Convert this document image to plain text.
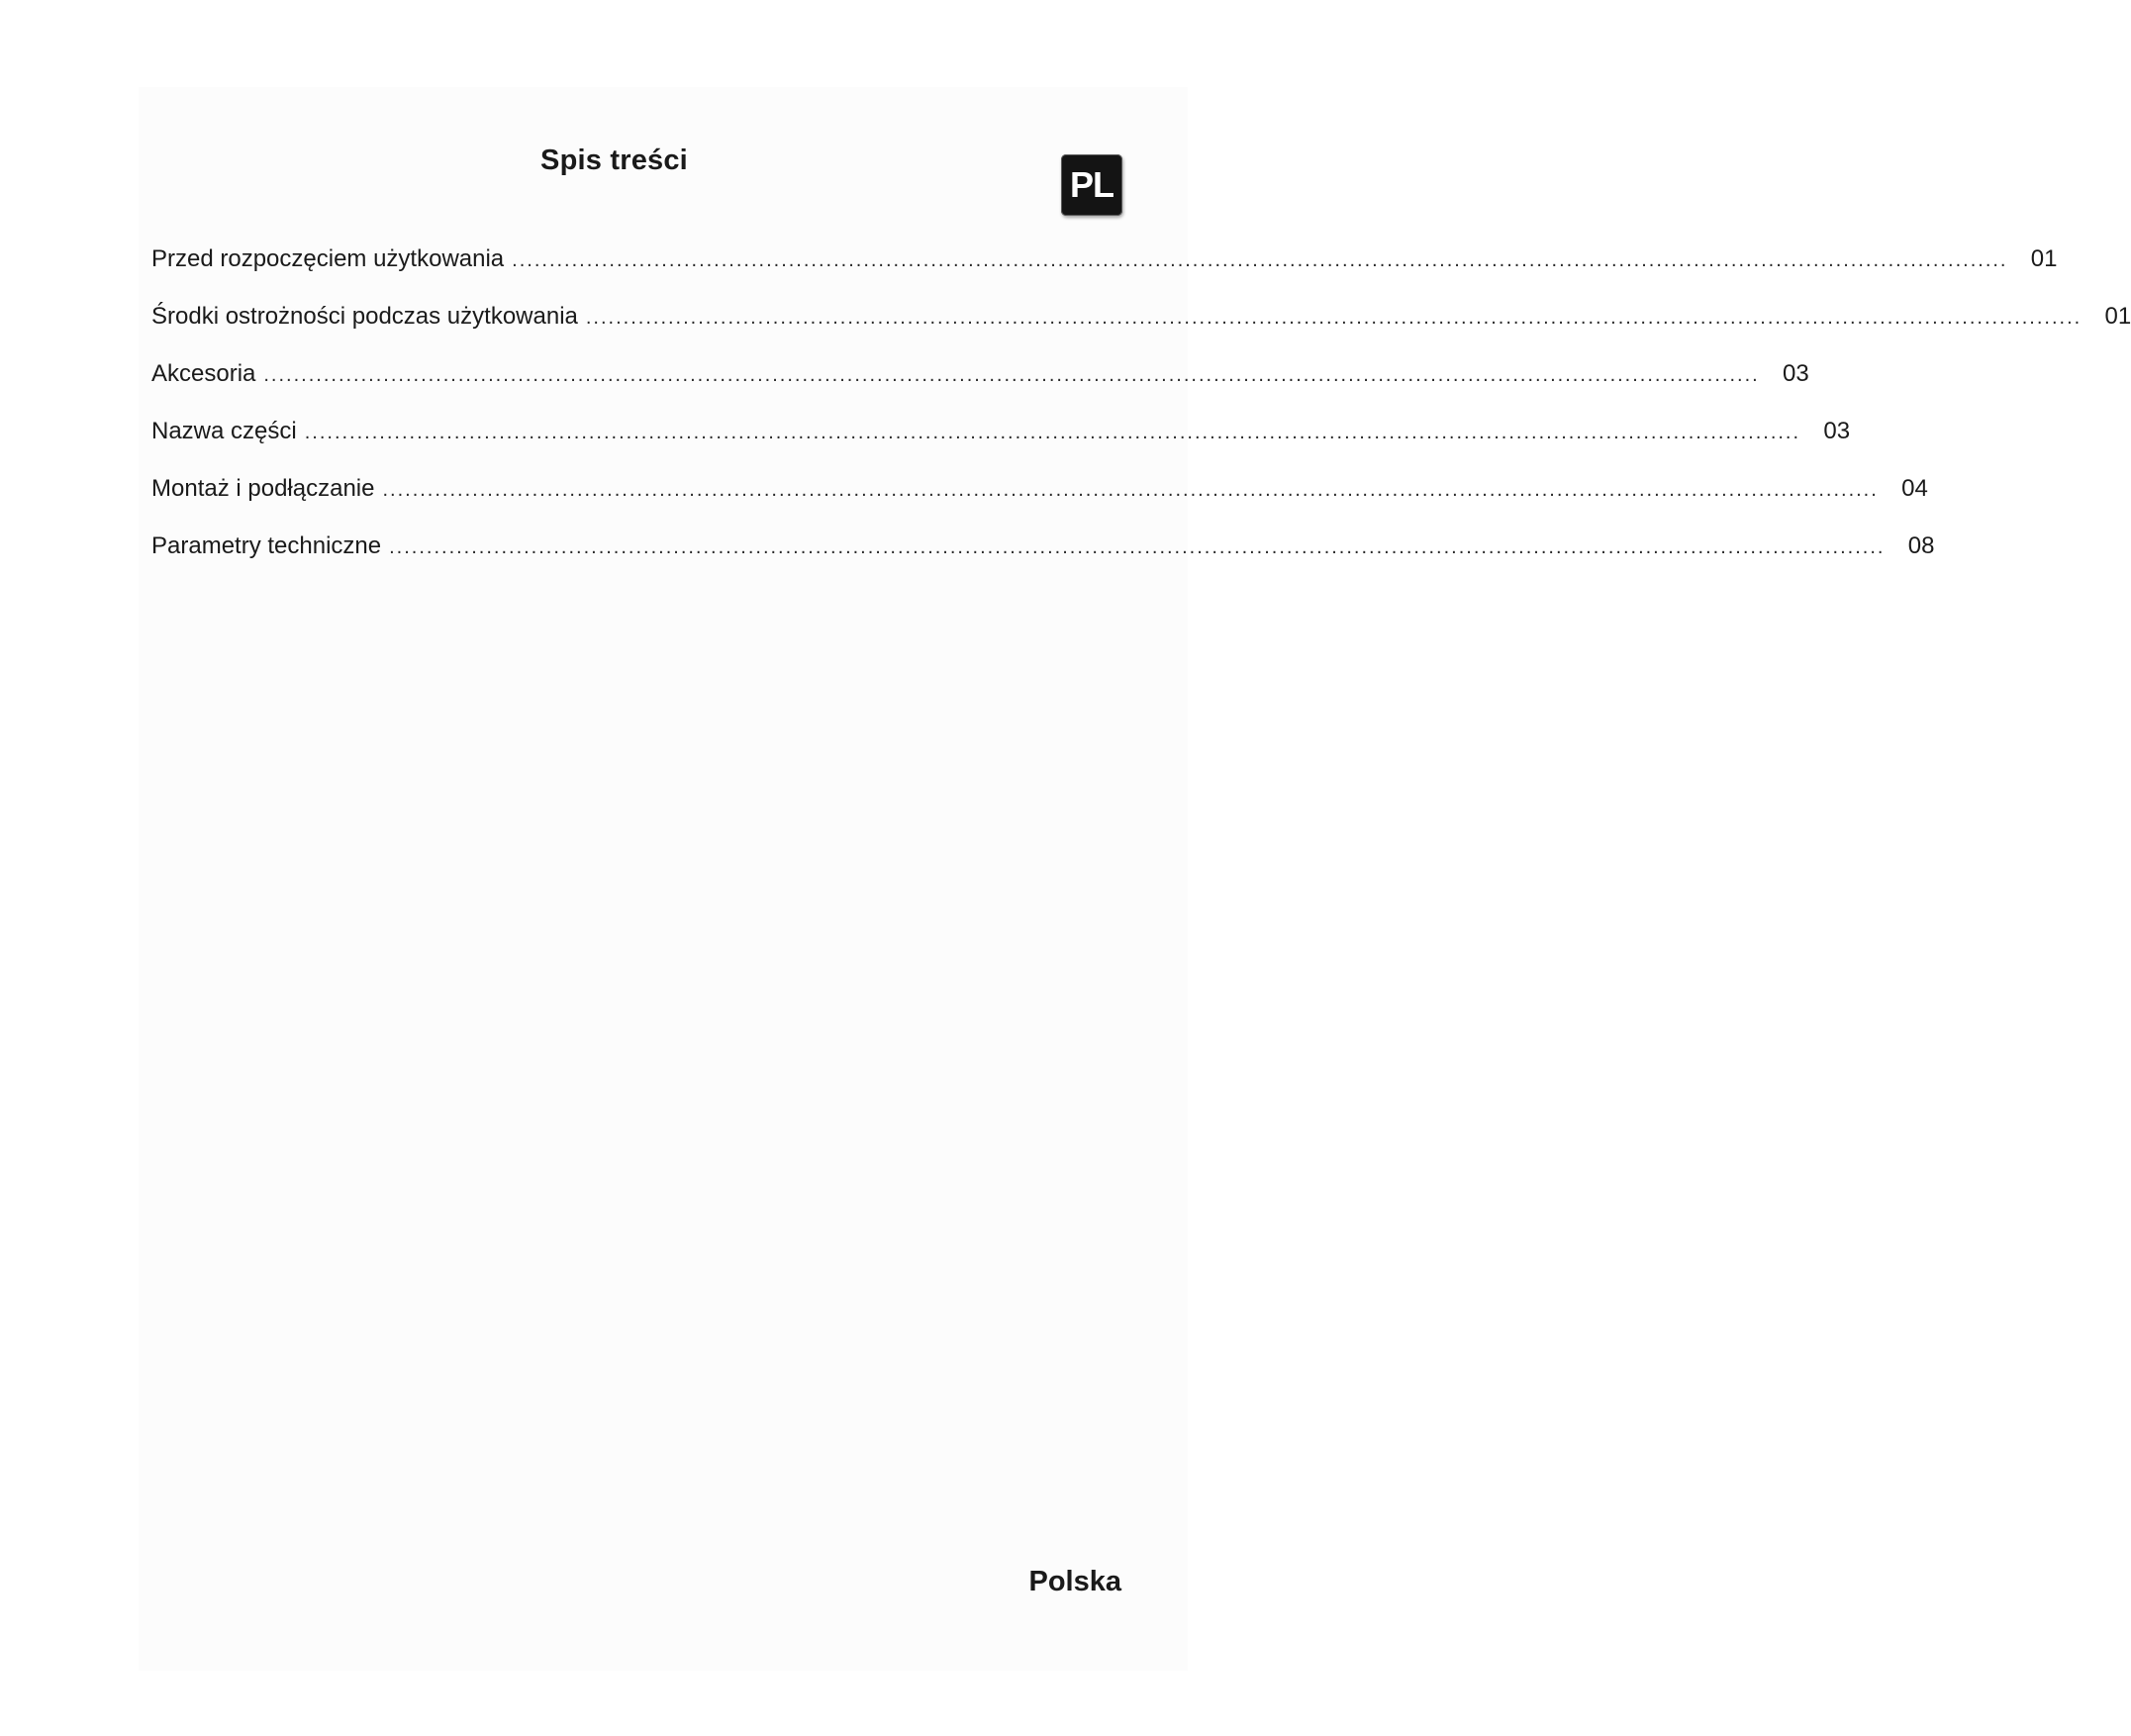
Spis treści
PL
Przed rozpoczęciem użytkowania ........................................................................................................................................................................................................ 01
Środki ostrożności podczas użytkowania ........................................................................................................................................................................................................ 01
Akcesoria ........................................................................................................................................................................................................ 03
Nazwa części ........................................................................................................................................................................................................ 03
Montaż i podłączanie ........................................................................................................................................................................................................ 04
Parametry techniczne ........................................................................................................................................................................................................ 08
Polska
